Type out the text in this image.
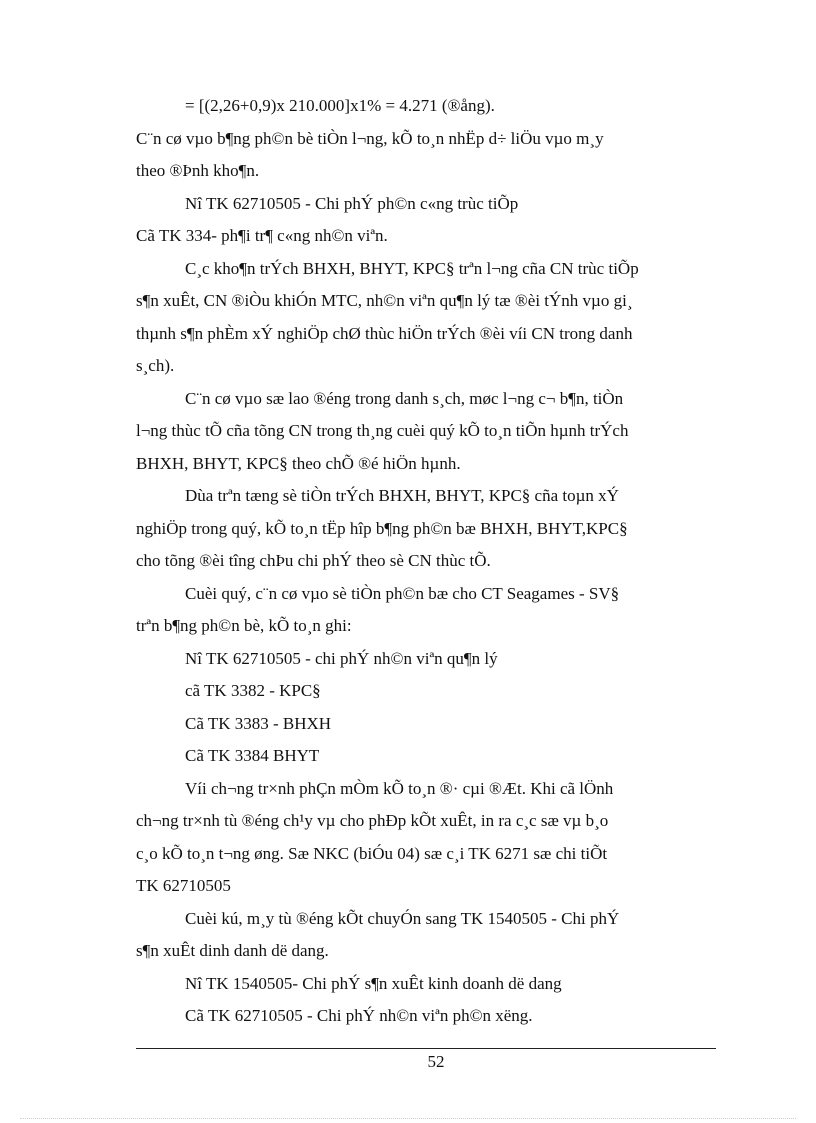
= [(2,26+0,9)x 210.000]x1% = 4.271 (®ång).

C¨n cø vµo b¶ng ph©n bè tiÒn l¬ng, kÕ to¸n nhËp d÷ liÖu vµo m¸y

theo ®Þnh kho¶n.

Nî TK 62710505 - Chi phÝ ph©n c«ng trùc tiÕp

Cã TK 334- ph¶i tr¶ c«ng nh©n viªn.

C¸c kho¶n trÝch BHXH, BHYT, KPC§ trªn l¬ng cña CN trùc tiÕp

s¶n xuÊt, CN ®iÒu khiÓn MTC, nh©n viªn qu¶n lý tæ ®èi tÝnh vµo gi¸

thµnh s¶n phÈm xÝ nghiÖp chØ thùc hiÖn trÝch ®èi víi CN trong danh

s¸ch).

C¨n cø vµo sæ lao ®éng trong danh s¸ch, møc l¬ng c¬ b¶n, tiÒn

l¬ng thùc tÕ cña tõng CN trong th¸ng cuèi quý kÕ to¸n tiÕn hµnh trÝch

BHXH, BHYT, KPC§ theo chÕ ®é hiÖn hµnh.

Dùa trªn tæng sè tiÒn trÝch BHXH, BHYT, KPC§ cña toµn xÝ

nghiÖp trong quý, kÕ to¸n tËp hîp b¶ng ph©n bæ BHXH, BHYT,KPC§

cho tõng ®èi tîng chÞu chi phÝ theo sè CN thùc tÕ.

Cuèi quý, c¨n cø vµo sè tiÒn ph©n bæ cho CT Seagames - SV§

trªn b¶ng ph©n bè, kÕ to¸n ghi:

Nî TK 62710505 - chi phÝ nh©n viªn qu¶n lý

cã TK 3382 - KPC§

Cã TK 3383 - BHXH

Cã TK 3384 BHYT

Víi ch¬ng tr×nh phÇn mÒm kÕ to¸n ®· cµi ®Æt. Khi cã lÖnh

ch¬ng tr×nh tù ®éng ch¹y vµ cho phÐp kÕt xuÊt, in ra c¸c sæ vµ b¸o

c¸o kÕ to¸n t¬ng øng. Sæ NKC (biÓu 04) sæ c¸i TK 6271 sæ chi tiÕt

TK 62710505

Cuèi kú, m¸y tù ®éng kÕt chuyÓn sang TK 1540505 - Chi phÝ

s¶n xuÊt dinh danh dë dang.

Nî TK 1540505- Chi phÝ s¶n xuÊt kinh doanh dë dang

Cã TK 62710505 - Chi phÝ nh©n viªn ph©n xëng.

52
